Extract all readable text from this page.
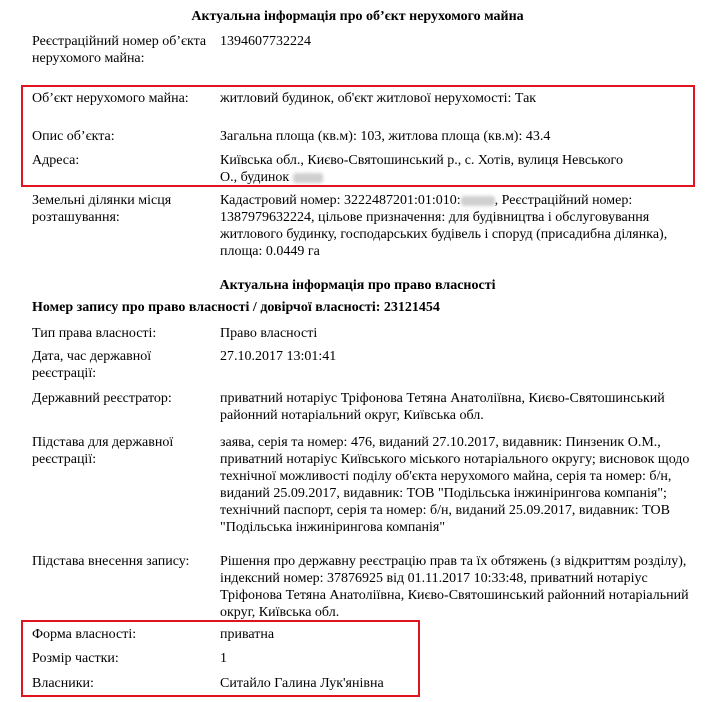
Актуальна інформація про об’єкт нерухомого майна
Реєстраційний номер об’єкта нерухомого майна:
1394607732224
Об’єкт нерухомого майна:	житловий будинок, об'єкт житлової нерухомості: Так
Опис об’єкта:	Загальна площа (кв.м): 103, житлова площа (кв.м): 43.4
Адреса:	Київська обл., Києво-Святошинський р., с. Хотів, вулиця Невського
О., будинок
Земельні ділянки місця розташування:
Кадастровий номер: 3222487201:01:010: , Реєстраційний номер: 1387979632224, цільове призначення: для будівництва і обслуговування житлового будинку, господарських будівель і споруд (присадибна ділянка), площа: 0.0449 га
Актуальна інформація про право власності
Номер запису про право власності / довірчої власності: 23121454
Тип права власності:	Право власності
Дата, час державної реєстрації:
27.10.2017 13:01:41
Державний реєстратор:	приватний нотаріус Тріфонова Тетяна Анатоліївна, Києво-Святошинський районний нотаріальний округ, Київська обл.
Підстава для державної реєстрації:
заява, серія та номер: 476, виданий 27.10.2017, видавник: Пинзеник О.М., приватний нотаріус Київського міського нотаріального округу; висновок щодо технічної можливості поділу об'єкта нерухомого майна, серія та номер: б/н, виданий 25.09.2017, видавник: ТОВ "Подільська інжинірингова компанія"; технічний паспорт, серія та номер: б/н, виданий 25.09.2017, видавник: ТОВ "Подільська інжинірингова компанія"
Підстава внесення запису:	Рішення про державну реєстрацію прав та їх обтяжень (з відкриттям розділу), індексний номер: 37876925 від 01.11.2017 10:33:48, приватний нотаріус Тріфонова Тетяна Анатоліївна, Києво-Святошинський районний нотаріальний округ, Київська обл.
Форма власності:	приватна
Розмір частки:	1
Власники:	Ситайло Галина Лук'янівна
